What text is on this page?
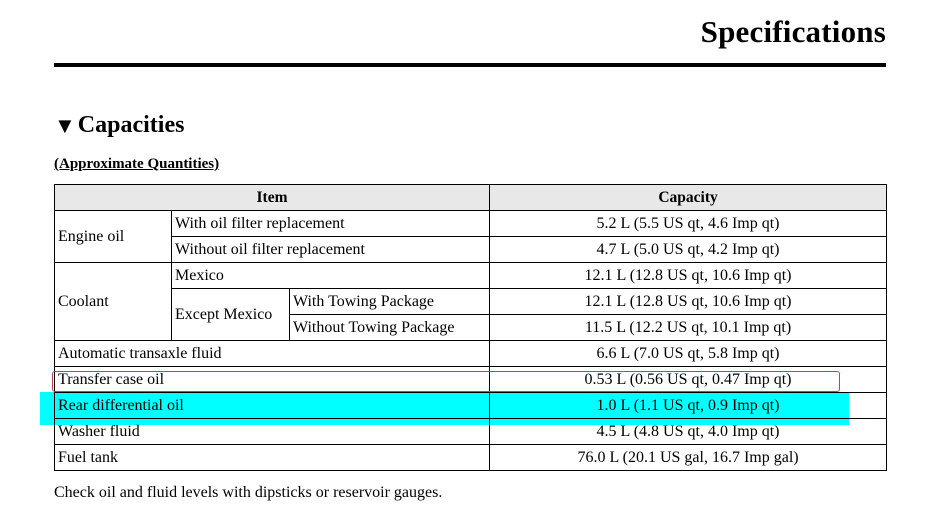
Specifications
▼ Capacities
(Approximate Quantities)
Item			Capacity
Engine oil	With oil filter replacement		5.2 L (5.5 US qt, 4.6 Imp qt)
	Without oil filter replacement		4.7 L (5.0 US qt, 4.2 Imp qt)
Coolant	Mexico		12.1 L (12.8 US qt, 10.6 Imp qt)
	Except Mexico	With Towing Package	12.1 L (12.8 US qt, 10.6 Imp qt)
		Without Towing Package	11.5 L (12.2 US qt, 10.1 Imp qt)
Automatic transaxle fluid			6.6 L (7.0 US qt, 5.8 Imp qt)
Transfer case oil			0.53 L (0.56 US qt, 0.47 Imp qt)
Rear differential oil			1.0 L (1.1 US qt, 0.9 Imp qt)
Washer fluid			4.5 L (4.8 US qt, 4.0 Imp qt)
Fuel tank			76.0 L (20.1 US gal, 16.7 Imp gal)
Check oil and fluid levels with dipsticks or reservoir gauges.
